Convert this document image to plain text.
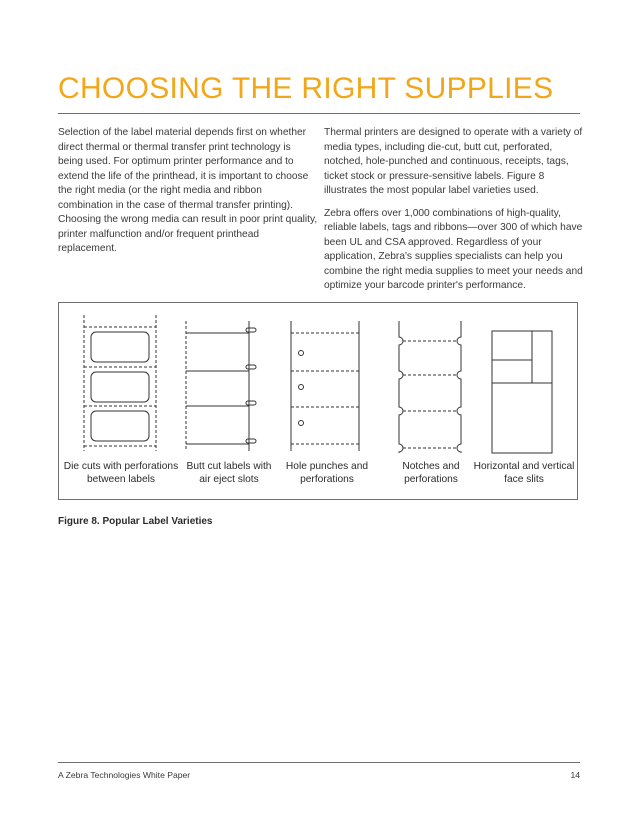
CHOOSING THE RIGHT SUPPLIES

Selection of the label material depends first on whether direct thermal or thermal transfer print technology is being used. For optimum printer performance and to extend the life of the printhead, it is important to choose the right media (or the right media and ribbon combination in the case of thermal transfer printing). Choosing the wrong media can result in poor print quality, printer malfunction and/or frequent printhead replacement.

Thermal printers are designed to operate with a variety of media types, including die-cut, butt cut, perforated, notched, hole-punched and continuous, receipts, tags, ticket stock or pressure-sensitive labels. Figure 8 illustrates the most popular label varieties used.

Zebra offers over 1,000 combinations of high-quality, reliable labels, tags and ribbons—over 300 of which have been UL and CSA approved. Regardless of your application, Zebra's supplies specialists can help you combine the right media supplies to meet your needs and optimize your barcode printer's performance.

Die cuts with perforations
between labels
Butt cut labels with
air eject slots
Hole punches and
perforations
Notches and
perforations
Horizontal and vertical
face slits
Figure 8. Popular Label Varieties
A Zebra Technologies White Paper	14
